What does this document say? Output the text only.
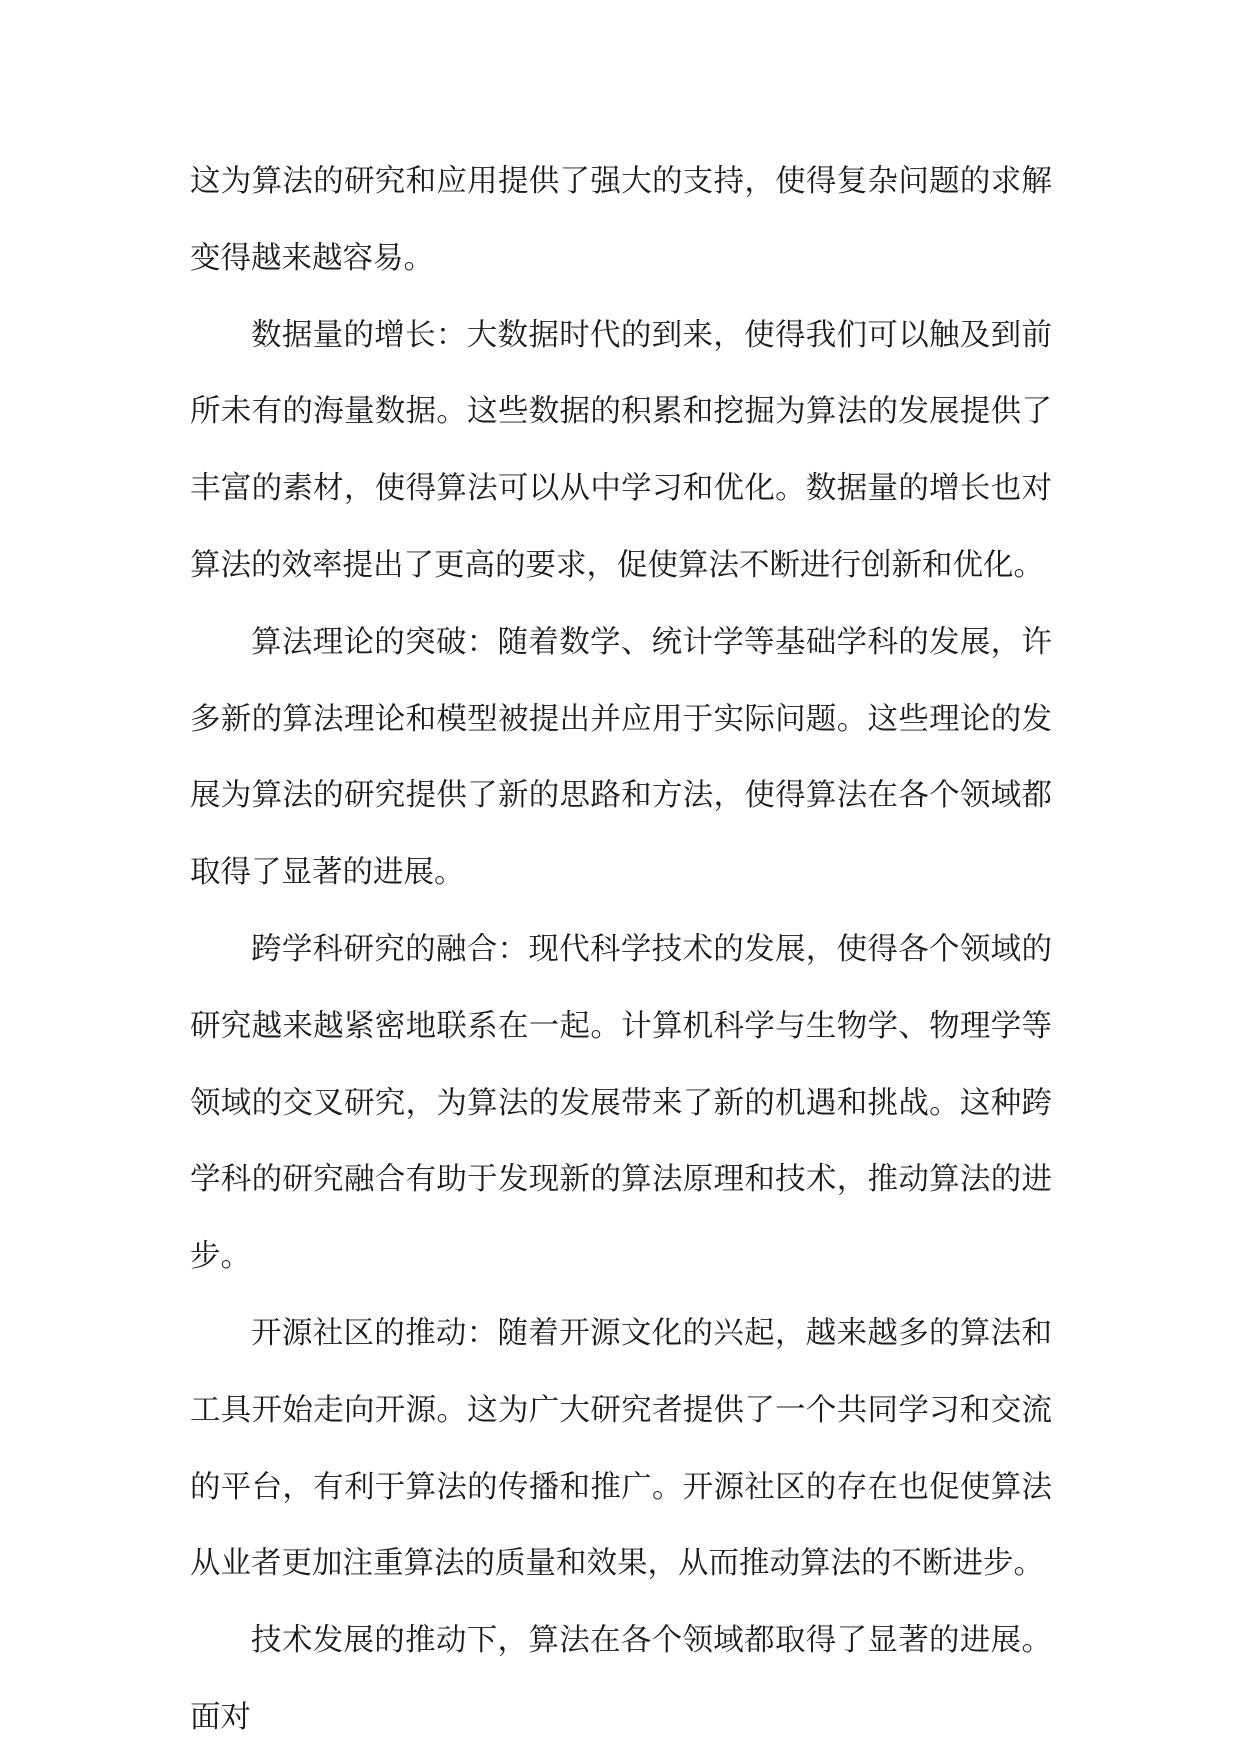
这为算法的研究和应用提供了强大的支持，使得复杂问题的求解变得越来越容易。

数据量的增长：大数据时代的到来，使得我们可以触及到前所未有的海量数据。这些数据的积累和挖掘为算法的发展提供了丰富的素材，使得算法可以从中学习和优化。数据量的增长也对算法的效率提出了更高的要求，促使算法不断进行创新和优化。

算法理论的突破：随着数学、统计学等基础学科的发展，许多新的算法理论和模型被提出并应用于实际问题。这些理论的发展为算法的研究提供了新的思路和方法，使得算法在各个领域都取得了显著的进展。

跨学科研究的融合：现代科学技术的发展，使得各个领域的研究越来越紧密地联系在一起。计算机科学与生物学、物理学等领域的交叉研究，为算法的发展带来了新的机遇和挑战。这种跨学科的研究融合有助于发现新的算法原理和技术，推动算法的进步。

开源社区的推动：随着开源文化的兴起，越来越多的算法和工具开始走向开源。这为广大研究者提供了一个共同学习和交流的平台，有利于算法的传播和推广。开源社区的存在也促使算法从业者更加注重算法的质量和效果，从而推动算法的不断进步。

技术发展的推动下，算法在各个领域都取得了显著的进展。面对
